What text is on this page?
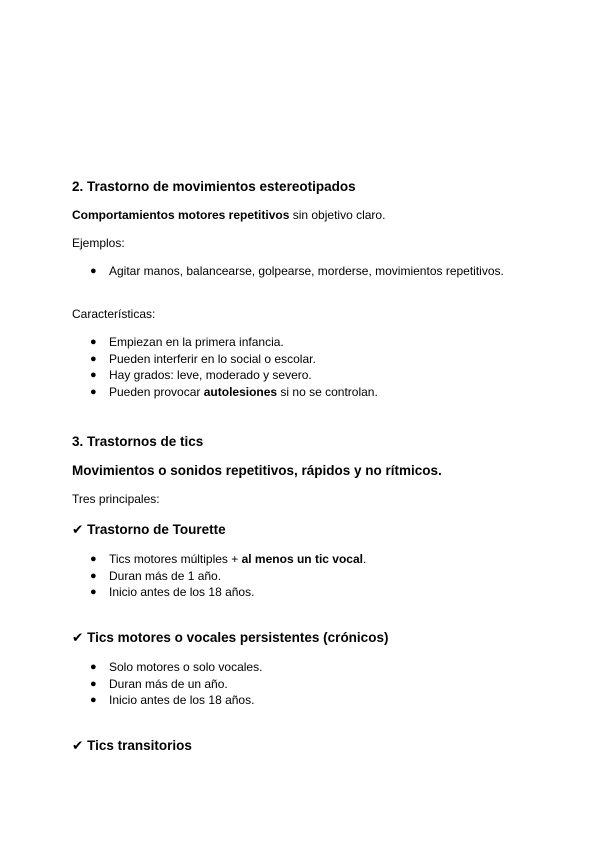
2. Trastorno de movimientos estereotipados
Comportamientos motores repetitivos sin objetivo claro.
Ejemplos:
● Agitar manos, balancearse, golpearse, morderse, movimientos repetitivos.
Características:
● Empiezan en la primera infancia.
● Pueden interferir en lo social o escolar.
● Hay grados: leve, moderado y severo.
● Pueden provocar autolesiones si no se controlan.
3. Trastornos de tics
Movimientos o sonidos repetitivos, rápidos y no rítmicos.
Tres principales:
✔ Trastorno de Tourette
● Tics motores múltiples + al menos un tic vocal.
● Duran más de 1 año.
● Inicio antes de los 18 años.
✔ Tics motores o vocales persistentes (crónicos)
● Solo motores o solo vocales.
● Duran más de un año.
● Inicio antes de los 18 años.
✔ Tics transitorios
